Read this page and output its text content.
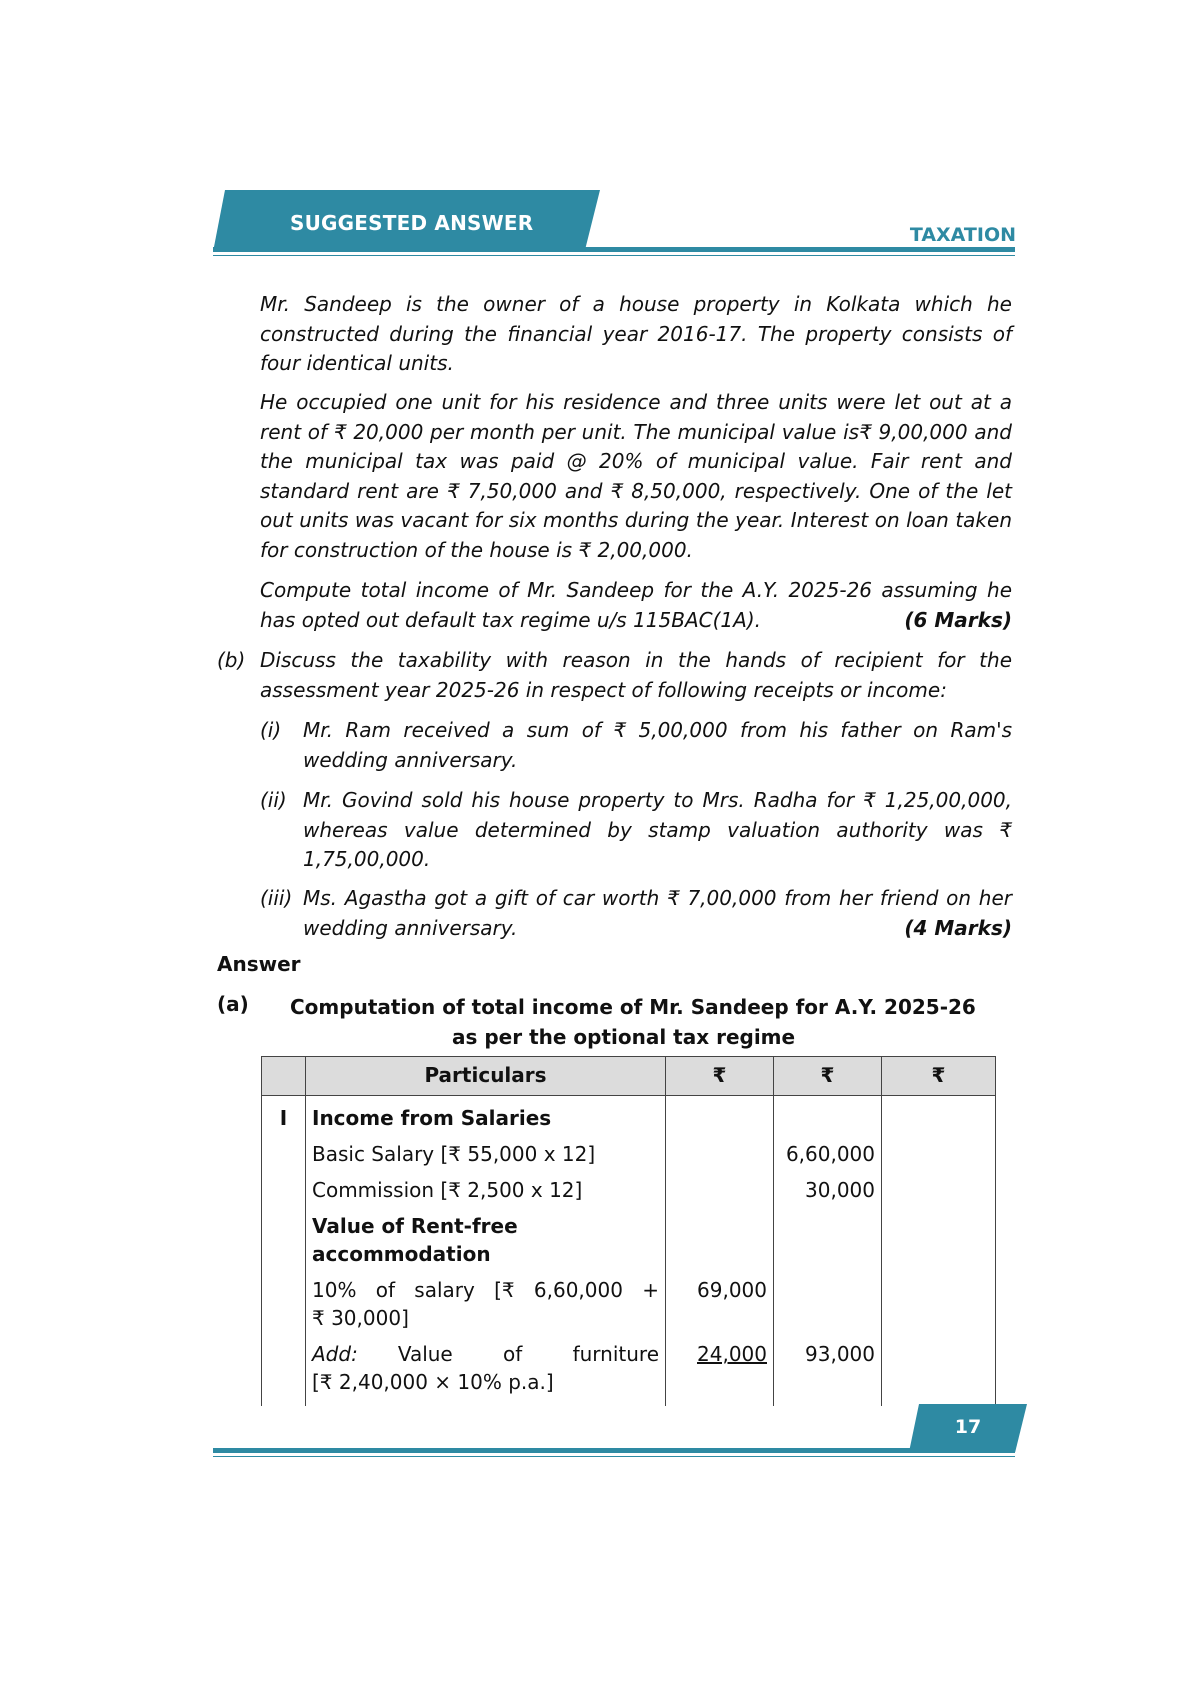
SUGGESTED ANSWER	TAXATION
Mr. Sandeep is the owner of a house property in Kolkata which he constructed during the financial year 2016-17. The property consists of four identical units.
He occupied one unit for his residence and three units were let out at a rent of ₹ 20,000 per month per unit. The municipal value is₹ 9,00,000 and the municipal tax was paid @ 20% of municipal value. Fair rent and standard rent are ₹ 7,50,000 and ₹ 8,50,000, respectively. One of the let out units was vacant for six months during the year. Interest on loan taken for construction of the house is ₹ 2,00,000.
Compute total income of Mr. Sandeep for the A.Y. 2025-26 assuming he has opted out default tax regime u/s 115BAC(1A).	(6 Marks)
(b) Discuss the taxability with reason in the hands of recipient for the assessment year 2025-26 in respect of following receipts or income:
(i) Mr. Ram received a sum of ₹ 5,00,000 from his father on Ram's wedding anniversary.
(ii) Mr. Govind sold his house property to Mrs. Radha for ₹ 1,25,00,000, whereas value determined by stamp valuation authority was ₹ 1,75,00,000.
(iii) Ms. Agastha got a gift of car worth ₹ 7,00,000 from her friend on her wedding anniversary.	(4 Marks)
Answer
(a) Computation of total income of Mr. Sandeep for A.Y. 2025-26
as per the optional tax regime
	Particulars	₹	₹	₹
I	Income from Salaries			
	Basic Salary [₹ 55,000 x 12]		6,60,000	
	Commission [₹ 2,500 x 12]		30,000	
	Value of Rent-free accommodation			

	10% of salary [₹ 6,60,000 +
₹ 30,000]	69,000		

	Add: Value of furniture
[₹ 2,40,000 × 10% p.a.]	24,000	93,000	
17
